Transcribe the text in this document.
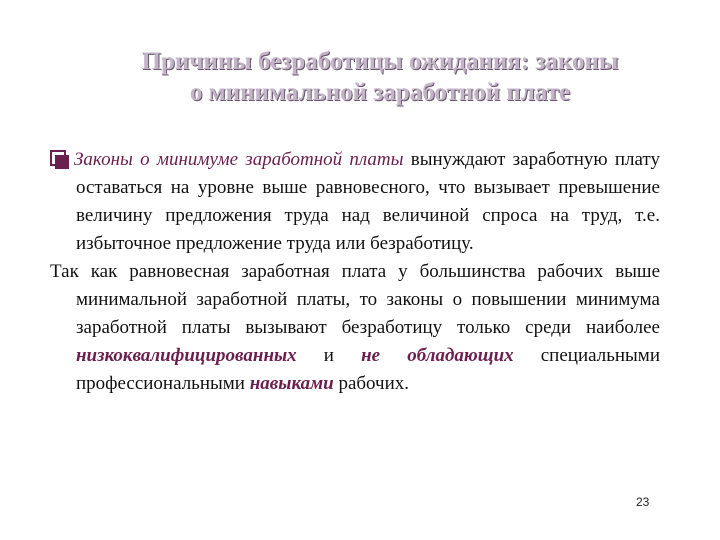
Причины безработицы ожидания: законы
о минимальной заработной плате

Законы о минимуме заработной платы вынуждают заработную плату оставаться на уровне выше равновесного, что вызывает превышение величину предложения труда над величиной спроса на труд, т.е. избыточное предложение труда или безработицу.

Так как равновесная заработная плата у большинства рабочих выше минимальной заработной платы, то законы о повышении минимума заработной платы вызывают безработицу только среди наиболее низкоквалифицированных и не обладающих специальными профессиональными навыками рабочих.

23
